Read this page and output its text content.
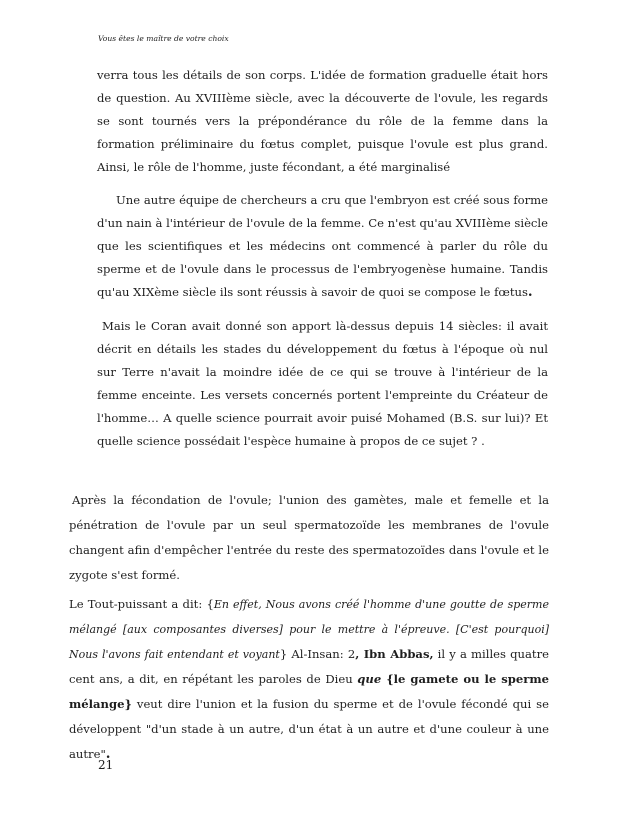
Vous êtes le maître de votre choix

verra tous les détails de son corps. L'idée de formation graduelle était hors de question. Au XVIIIème siècle, avec la découverte de l'ovule, les regards se sont tournés vers la prépondérance du rôle de la femme dans la formation préliminaire du fœtus complet, puisque l'ovule est plus grand. Ainsi, le rôle de l'homme, juste fécondant, a été marginalisé

Une autre équipe de chercheurs a cru que l'embryon est créé sous forme d'un nain à l'intérieur de l'ovule de la femme. Ce n'est qu'au XVIIIème siècle que les scientifiques et les médecins ont commencé à parler du rôle du sperme et de l'ovule dans le processus de l'embryogenèse humaine. Tandis qu'au XIXème siècle ils sont réussis à savoir de quoi se compose le fœtus.

Mais le Coran avait donné son apport là-dessus depuis 14 siècles: il avait décrit en détails les stades du développement du fœtus à l'époque où nul sur Terre n'avait la moindre idée de ce qui se trouve à l'intérieur de la femme enceinte. Les versets concernés portent l'empreinte du Créateur de l'homme… A quelle science pourrait avoir puisé Mohamed (B.S. sur lui)? Et quelle science possédait l'espèce humaine à propos de ce sujet ? .

Après la fécondation de l'ovule; l'union des gamètes, male et femelle et la pénétration de l'ovule par un seul spermatozoïde les membranes de l'ovule changent afin d'empêcher l'entrée du reste des spermatozoïdes dans l'ovule et le zygote s'est formé.

Le Tout-puissant a dit: {En effet, Nous avons créé l'homme d'une goutte de sperme mélangé [aux composantes diverses] pour le mettre à l'épreuve. [C'est pourquoi] Nous l'avons fait entendant et voyant} Al-Insan: 2, Ibn Abbas, il y a milles quatre cent ans, a dit, en répétant les paroles de Dieu que {le gamete ou le sperme mélange} veut dire l'union et la fusion du sperme et de l'ovule fécondé qui se développent "d'un stade à un autre, d'un état à un autre et d'une couleur à une autre".

21
